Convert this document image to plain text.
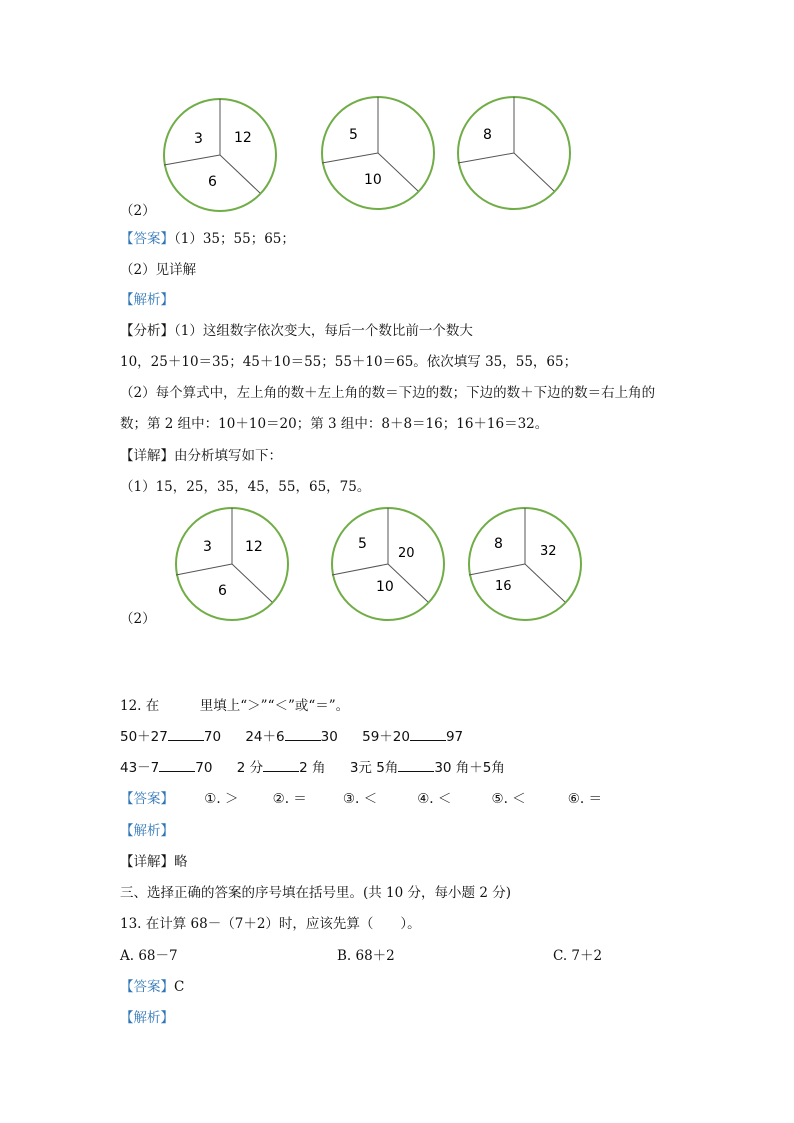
3 12
6
5
10
8
（2）
【答案】（1）35；55；65；
（2）见详解
【解析】
【分析】（1）这组数字依次变大，每后一个数比前一个数大
10，25＋10＝35；45＋10＝55；55＋10＝65。依次填写 35，55，65；
（2）每个算式中，左上角的数＋左上角的数＝下边的数；下边的数＋下边的数＝右上角的
数；第 2 组中：10＋10＝20；第 3 组中：8＋8＝16；16＋16＝32。
【详解】由分析填写如下：
（1）15，25，35，45，55，65，75。
3 12
6
5
20
10
8	32
16
（2）
12. 在　　　里填上“＞”“＜”或“＝”。
50＋27	70 24＋6	30 59＋20	97
43－7	70 2 分	2 角 3元 5角	30 角＋5角
【答案】 ①. ＞	②. ＝	③. ＜	④. ＜	⑤. ＜	⑥. ＝
【解析】
【详解】略
三、选择正确的答案的序号填在括号里。(共 10 分，每小题 2 分)
13. 在计算 68－（7＋2）时，应该先算（　　）。
A. 68－7	B. 68＋2	C. 7＋2
【答案】C
【解析】
